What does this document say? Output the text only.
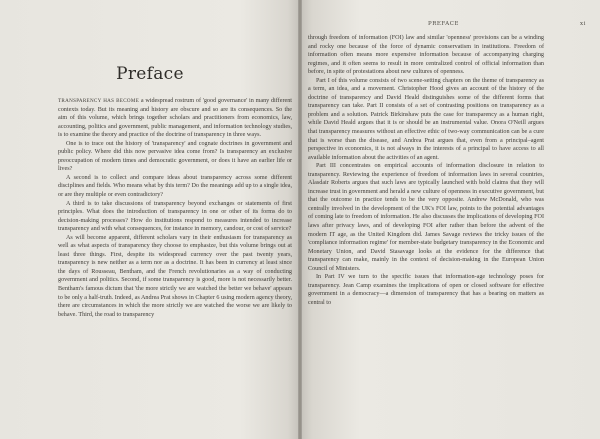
Preface

TRANSPARENCY HAS BECOME a widespread rostrum of 'good governance' in many different contexts today. But its meaning and history are obscure and so are its consequences. So the aim of this volume, which brings together scholars and practitioners from economics, law, accounting, politics and government, public management, and information technology studies, is to examine the theory and practice of the doctrine of transparency in three ways.

One is to trace out the history of 'transparency' and cognate doctrines in government and public policy. Where did this now pervasive idea come from? Is transparency an exclusive preoccupation of modern times and democratic government, or does it have an earlier life or lives?

A second is to collect and compare ideas about transparency across some different disciplines and fields. Who means what by this term? Do the meanings add up to a single idea, or are they multiple or even contradictory?

A third is to take discussions of transparency beyond exchanges or statements of first principles. What does the introduction of transparency in one or other of its forms do to decision-making processes? How do institutions respond to measures intended to increase transparency and with what consequences, for instance in memory, candour, or cost of service?

As will become apparent, different scholars vary in their enthusiasm for transparency as well as what aspects of transparency they choose to emphasize, but this volume brings out at least three things. First, despite its widespread currency over the past twenty years, transparency is new neither as a term nor as a doctrine. It has been in currency at least since the days of Rousseau, Bentham, and the French revolutionaries as a way of conducting government and politics. Second, if some transparency is good, more is not necessarily better. Bentham's famous dictum that 'the more strictly we are watched the better we behave' appears to be only a half-truth. Indeed, as Andrea Prat shows in Chapter 6 using modern agency theory, there are circumstances in which the more strictly we are watched the worse we are likely to behave. Third, the road to transparency

PREFACE	xi

through freedom of information (FOI) law and similar 'openness' provisions can be a winding and rocky one because of the force of dynamic conservatism in institutions. Freedom of information often means more expensive information because of accompanying charging regimes, and it often seems to result in more centralized control of official information than before, in spite of protestations about new cultures of openness.

Part I of this volume consists of two scene-setting chapters on the theme of transparency as a term, an idea, and a movement. Christopher Hood gives an account of the history of the doctrine of transparency and David Heald distinguishes some of the different forms that transparency can take. Part II consists of a set of contrasting positions on transparency as a problem and a solution. Patrick Birkinshaw puts the case for transparency as a human right, while David Heald argues that it is or should be an instrumental value. Onora O'Neill argues that transparency measures without an effective ethic of two-way communication can be a cure that is worse than the disease, and Andrea Prat argues that, even from a principal–agent perspective in economics, it is not always in the interests of a principal to have access to all available information about the activities of an agent.

Part III concentrates on empirical accounts of information disclosure in relation to transparency. Reviewing the experience of freedom of information laws in several countries, Alasdair Roberts argues that such laws are typically launched with bold claims that they will increase trust in government and herald a new culture of openness in executive government, but that the outcome in practice tends to be the very opposite. Andrew McDonald, who was centrally involved in the development of the UK's FOI law, points to the potential advantages of coming late to freedom of information. He also discusses the implications of developing FOI laws after privacy laws, and of developing FOI after rather than before the advent of the modern IT age, as the United Kingdom did. James Savage reviews the tricky issues of the 'compliance information regime' for member-state budgetary transparency in the Economic and Monetary Union, and David Stasavage looks at the evidence for the difference that transparency can make, mainly in the context of decision-making in the European Union Council of Ministers.

In Part IV we turn to the specific issues that information-age technology poses for transparency. Jean Camp examines the implications of open or closed software for effective government in a democracy—a dimension of transparency that has a bearing on matters as central to
